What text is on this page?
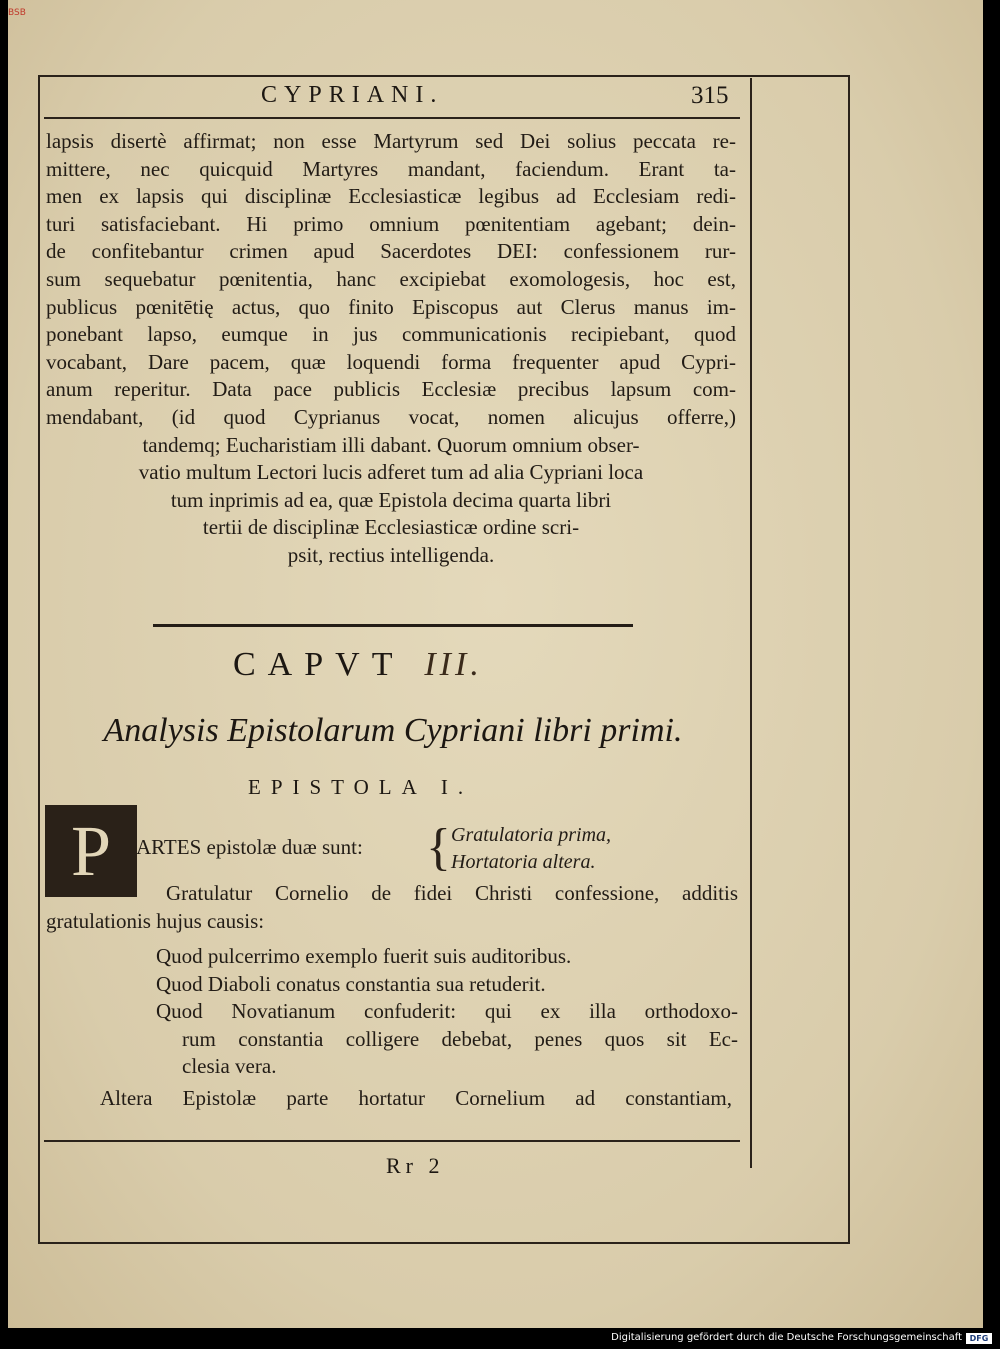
BSB
CYPRIANI.	315
lapsis disertè affirmat; non esse Martyrum sed Dei solius peccata re-
mittere, nec quicquid Martyres mandant, faciendum. Erant ta-
men ex lapsis qui disciplinæ Ecclesiasticæ legibus ad Ecclesiam redi-
turi satisfaciebant. Hi primo omnium pœnitentiam agebant; dein-
de confitebantur crimen apud Sacerdotes DEI: confessionem rur-
sum sequebatur pœnitentia, hanc excipiebat exomologesis, hoc est,
publicus pœnitētię actus, quo finito Episcopus aut Clerus manus im-
ponebant lapso, eumque in jus communicationis recipiebant, quod
vocabant, Dare pacem, quæ loquendi forma frequenter apud Cypri-
anum reperitur. Data pace publicis Ecclesiæ precibus lapsum com-
mendabant, (id quod Cyprianus vocat, nomen alicujus offerre,)
tandemq; Eucharistiam illi dabant. Quorum omnium obser-
vatio multum Lectori lucis adferet tum ad alia Cypriani loca
tum inprimis ad ea, quæ Epistola decima quarta libri
tertii de disciplinæ Ecclesiasticæ ordine scri-
psit, rectius intelligenda.
CAPVT III.
Analysis Epistolarum Cypriani libri primi.
EPISTOLA I.
P	ARTES epistolæ duæ sunt: { Gratulatoria prima,
Hortatoria altera.
Gratulatur Cornelio de fidei Christi confessione, additis
gratulationis hujus causis:
Quod pulcerrimo exemplo fuerit suis auditoribus.
Quod Diaboli conatus constantia sua retuderit.
Quod Novatianum confuderit: qui ex illa orthodoxo-
rum constantia colligere debebat, penes quos sit Ec-
clesia vera.
Altera Epistolæ parte hortatur Cornelium ad constantiam,
Rr 2
Digitalisierung gefördert durch die Deutsche Forschungsgemeinschaft DFG
